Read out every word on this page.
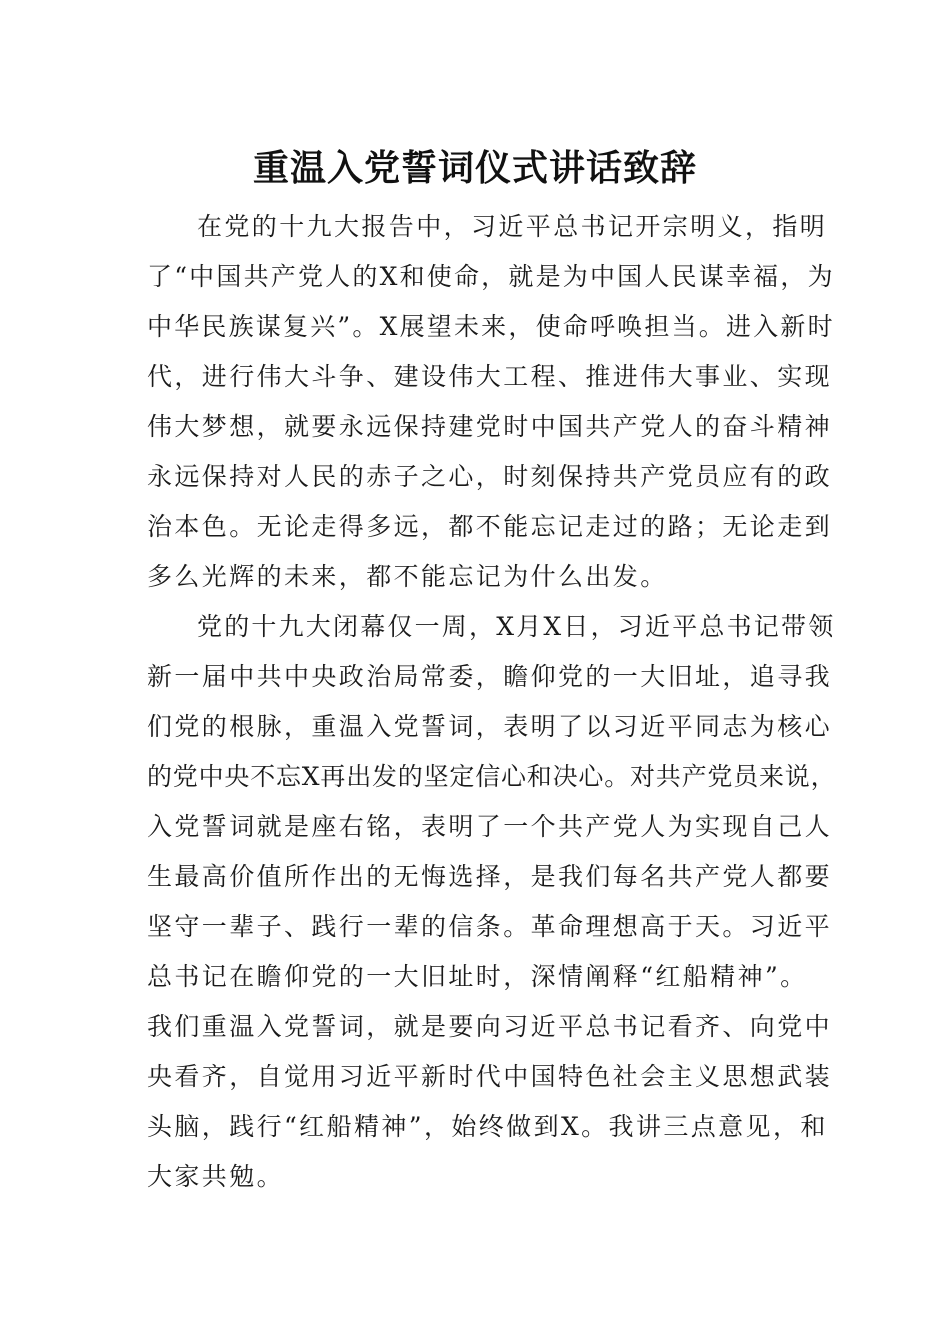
重温入党誓词仪式讲话致辞
在党的十九大报告中，习近平总书记开宗明义，指明
了“中国共产党人的X和使命，就是为中国人民谋幸福，为
中华民族谋复兴”。X展望未来，使命呼唤担当。进入新时
代，进行伟大斗争、建设伟大工程、推进伟大事业、实现
伟大梦想，就要永远保持建党时中国共产党人的奋斗精神
永远保持对人民的赤子之心，时刻保持共产党员应有的政
治本色。无论走得多远，都不能忘记走过的路；无论走到
多么光辉的未来，都不能忘记为什么出发。
党的十九大闭幕仅一周，X月X日，习近平总书记带领
新一届中共中央政治局常委，瞻仰党的一大旧址，追寻我
们党的根脉，重温入党誓词，表明了以习近平同志为核心
的党中央不忘X再出发的坚定信心和决心。对共产党员来说，
入党誓词就是座右铭，表明了一个共产党人为实现自己人
生最高价值所作出的无悔选择，是我们每名共产党人都要
坚守一辈子、践行一辈的信条。革命理想高于天。习近平
总书记在瞻仰党的一大旧址时，深情阐释“红船精神”。
我们重温入党誓词，就是要向习近平总书记看齐、向党中
央看齐，自觉用习近平新时代中国特色社会主义思想武装
头脑，践行“红船精神”，始终做到X。我讲三点意见，和
大家共勉。
